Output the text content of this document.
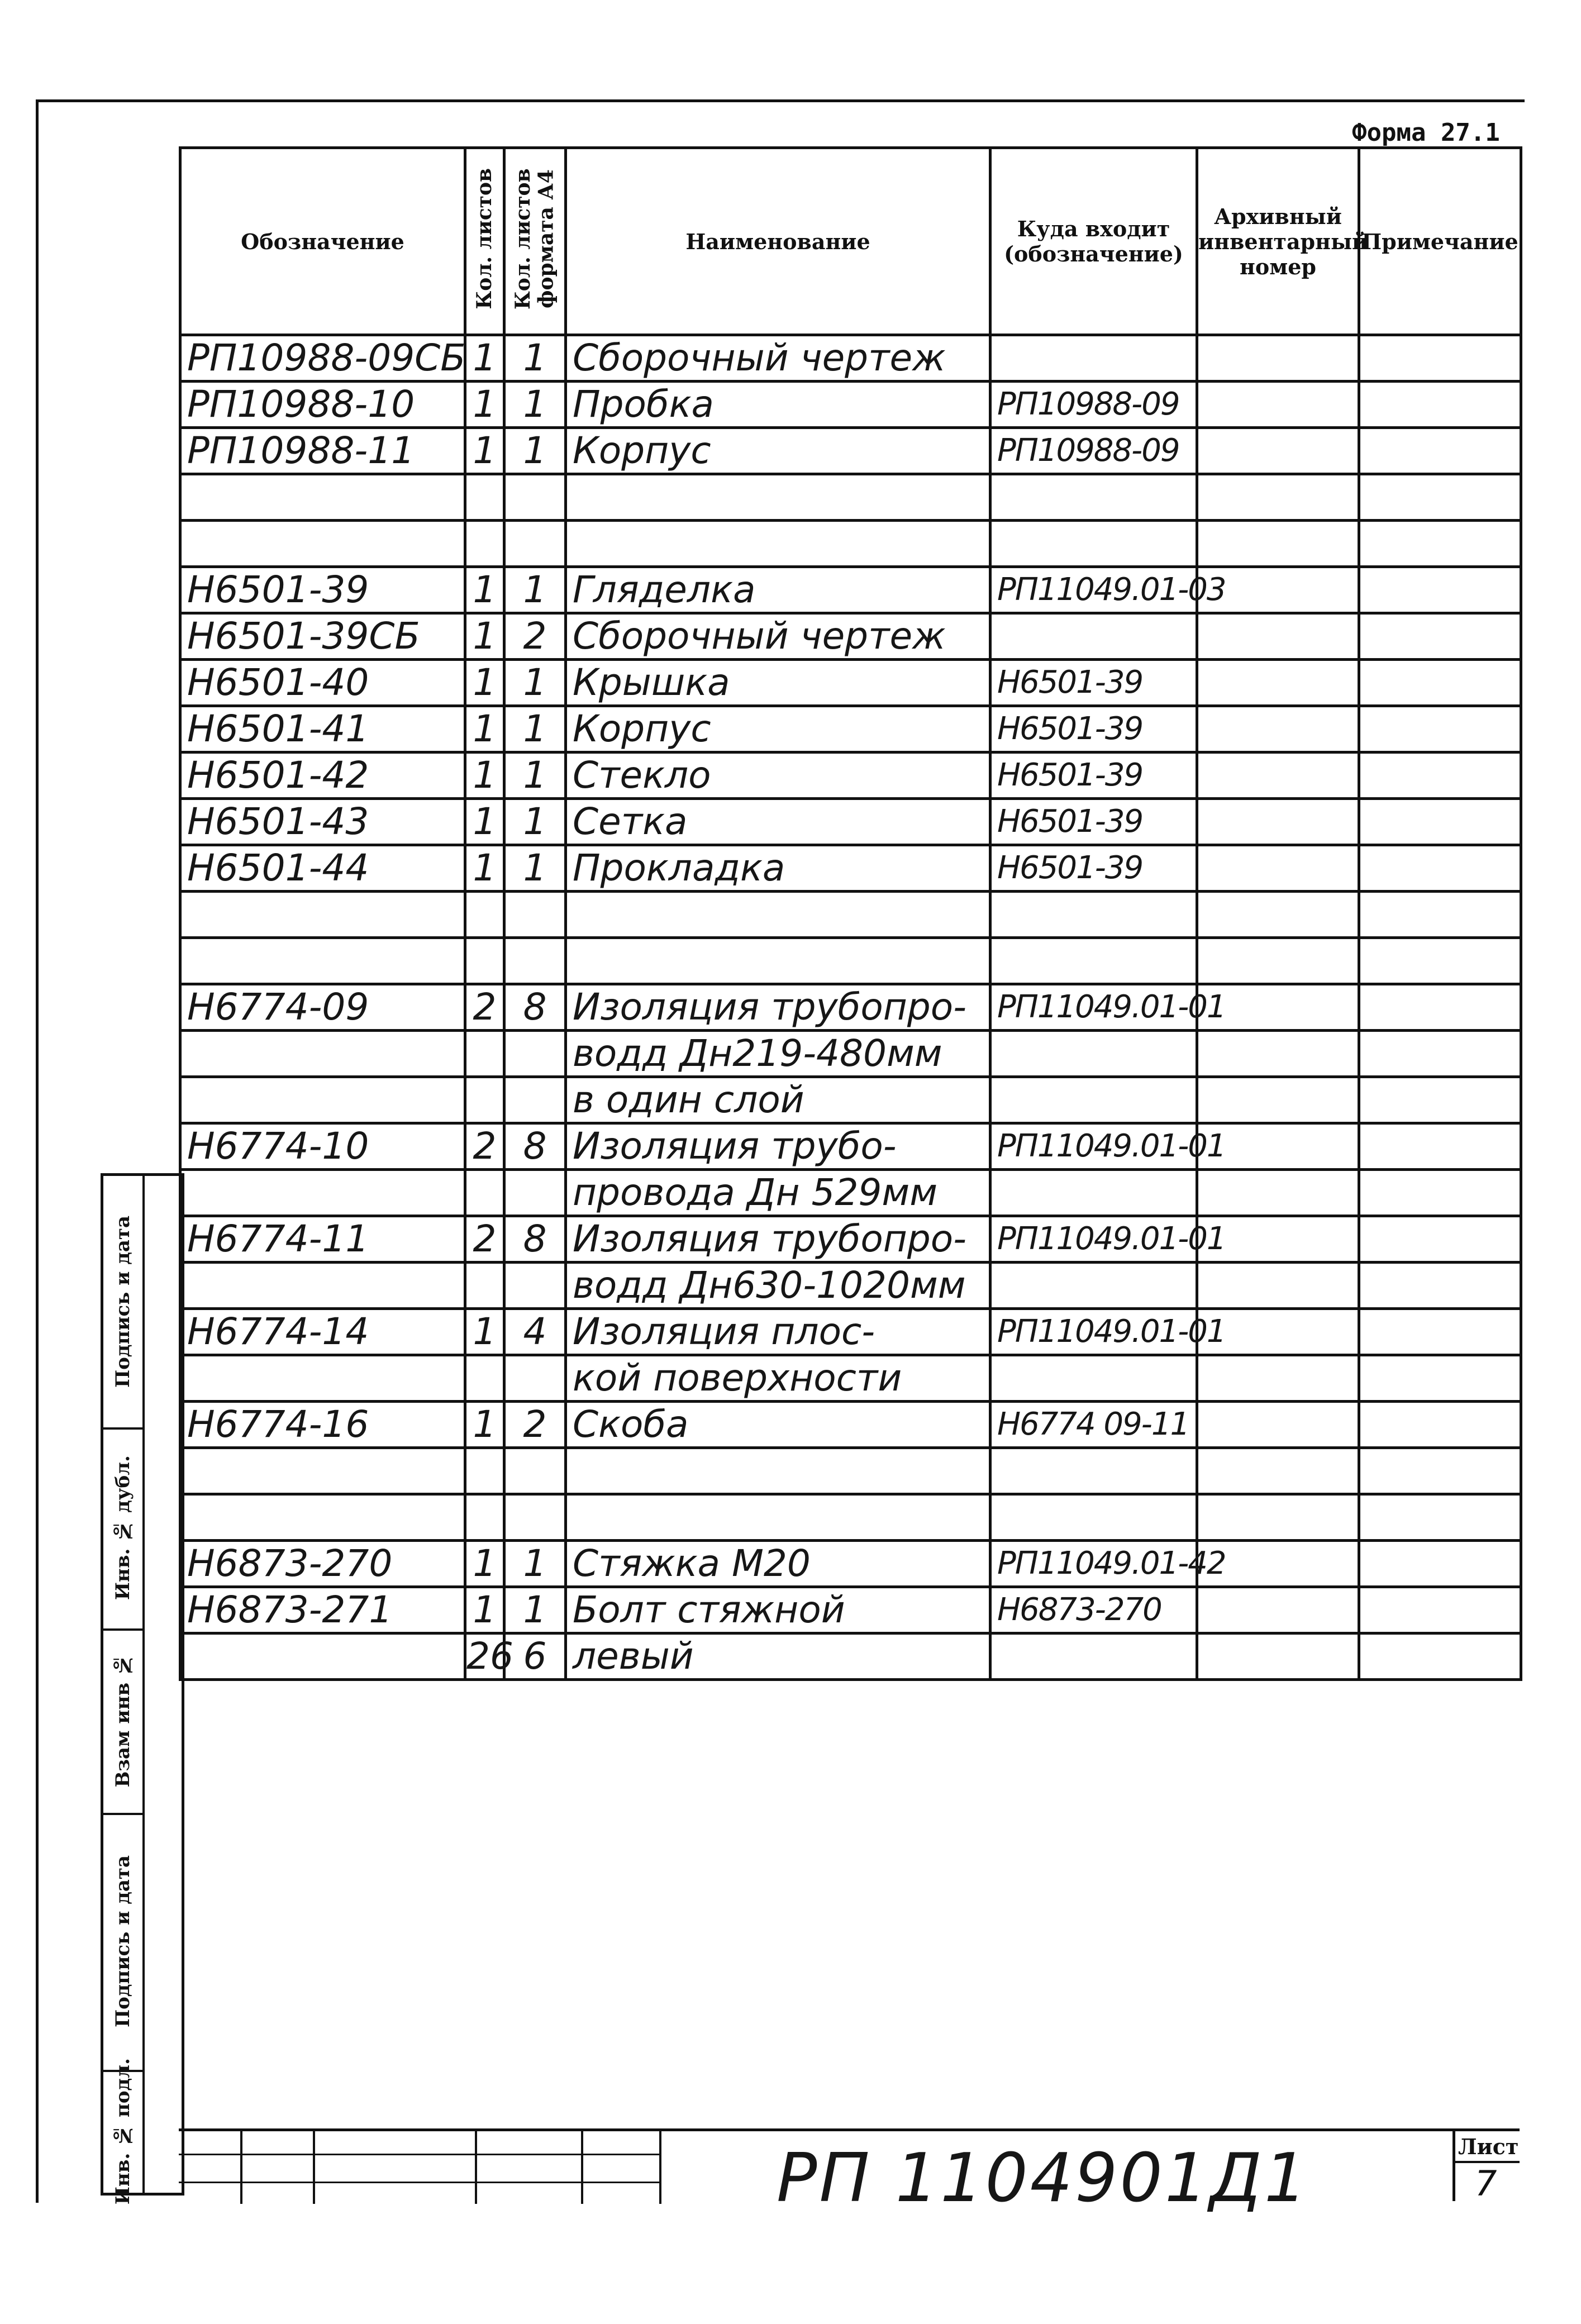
Форма 27.1
Обозначение	Кол. листов	Кол. листов формата А4	Наименование	Куда входит (обозначение)	Архивный инвентарный номер	Примечание
РП10988-09СБ	1	1	Сборочный чертеж			
РП10988-10	1	1	Пробка	РП10988-09		
РП10988-11	1	1	Корпус	РП10988-09		

Н6501-39	1	1	Гляделка	РП11049.01-03		
Н6501-39СБ	1	2	Сборочный чертеж			
Н6501-40	1	1	Крышка	Н6501-39		
Н6501-41	1	1	Корпус	Н6501-39		
Н6501-42	1	1	Стекло	Н6501-39		
Н6501-43	1	1	Сетка	Н6501-39		
Н6501-44	1	1	Прокладка	Н6501-39		

Н6774-09	2	8	Изоляция трубопро-	РП11049.01-01		
			водд Дн219-480мм			
			в один слой			
Н6774-10	2	8	Изоляция трубо-	РП11049.01-01		
			провода Дн 529мм			
Н6774-11	2	8	Изоляция трубопро-	РП11049.01-01		
			водд Дн630-1020мм			
Н6774-14	1	4	Изоляция плос-	РП11049.01-01		
			кой поверхности			
Н6774-16	1	2	Скоба	Н6774 09-11		

Н6873-270	1	1	Стяжка М20	РП11049.01-42		
Н6873-271	1	1	Болт стяжной	Н6873-270		
	26	6	левый			
Подпись и дата
Инв. № дубл.
Взам инв №
Подпись и дата
Инв. № подл.	РП 1104901Д1	Лист
7
